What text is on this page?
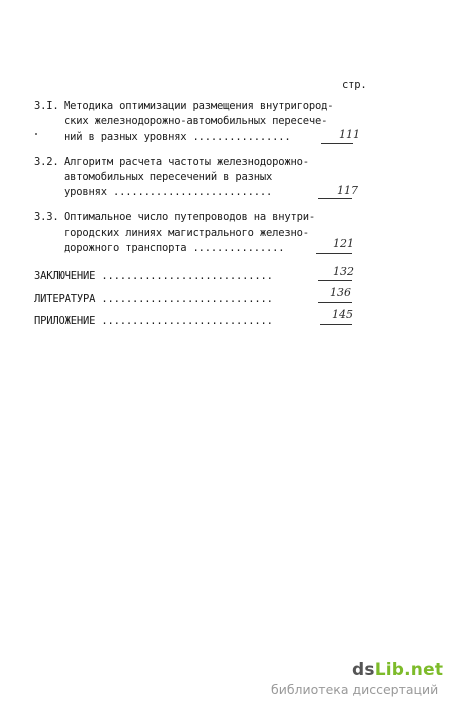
стр.
3.I. Методика оптимизации размещения внутригород-
ских железнодорожно-автомобильных пересече-
ний в разных уровнях ................	111
3.2. Алгоритм расчета частоты железнодорожно-
автомобильных пересечений в разных
уровнях ..........................	117
3.3. Оптимальное число путепроводов на внутри-
городских линиях магистрального железно-
дорожного транспорта ...............	121
ЗАКЛЮЧЕНИЕ ............................	132
ЛИТЕРАТУРА ............................	136
ПРИЛОЖЕНИЕ ............................	145
dsLib.net
библиотека диссертаций
